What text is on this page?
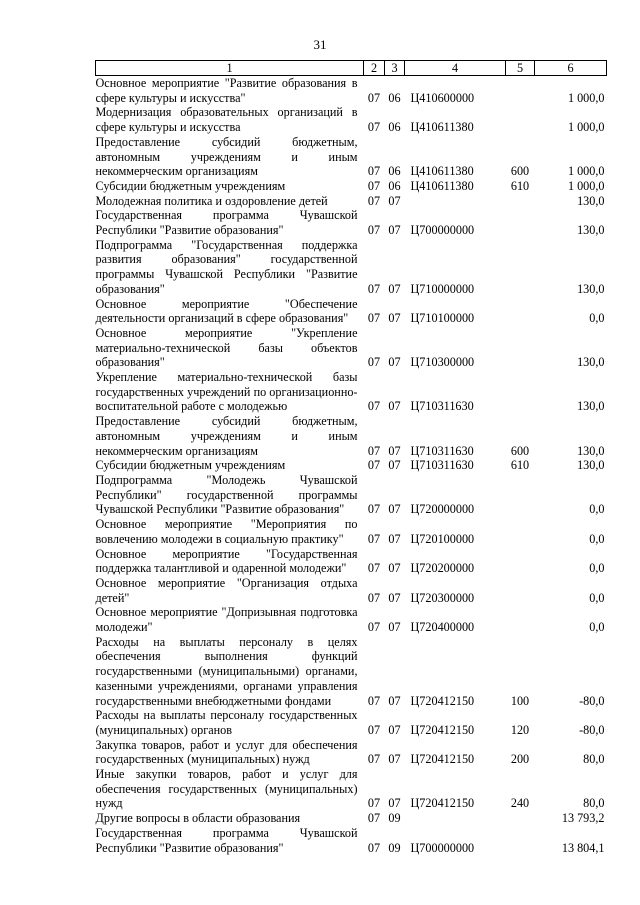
31
1	2	3	4	5	6
Основное мероприятие "Развитие образования в сфере культуры и искусства"	07	06	Ц410600000		1 000,0
Модернизация образовательных организаций в сфере культуры и искусства	07	06	Ц410611380		1 000,0
Предоставление субсидий бюджетным, автономным учреждениям и иным некоммерческим организациям	07	06	Ц410611380	600	1 000,0
Субсидии бюджетным учреждениям	07	06	Ц410611380	610	1 000,0
Молодежная политика и оздоровление детей	07	07			130,0
Государственная программа Чувашской Республики "Развитие образования"	07	07	Ц700000000		130,0
Подпрограмма "Государственная поддержка развития образования" государственной программы Чувашской Республики "Развитие образования"	07	07	Ц710000000		130,0
Основное мероприятие "Обеспечение деятельности организаций в сфере образования"	07	07	Ц710100000		0,0
Основное мероприятие "Укрепление материально-технической базы объектов образования"	07	07	Ц710300000		130,0
Укрепление материально-технической базы государственных учреждений по организационно-воспитательной работе с молодежью	07	07	Ц710311630		130,0
Предоставление субсидий бюджетным, автономным учреждениям и иным некоммерческим организациям	07	07	Ц710311630	600	130,0
Субсидии бюджетным учреждениям	07	07	Ц710311630	610	130,0
Подпрограмма "Молодежь Чувашской Республики" государственной программы Чувашской Республики "Развитие образования"	07	07	Ц720000000		0,0
Основное мероприятие "Мероприятия по вовлечению молодежи в социальную практику"	07	07	Ц720100000		0,0
Основное мероприятие "Государственная поддержка талантливой и одаренной молодежи"	07	07	Ц720200000		0,0
Основное мероприятие "Организация отдыха детей"	07	07	Ц720300000		0,0
Основное мероприятие "Допризывная подготовка молодежи"	07	07	Ц720400000		0,0
Расходы на выплаты персоналу в целях обеспечения выполнения функций государственными (муниципальными) органами, казенными учреждениями, органами управления государственными внебюджетными фондами	07	07	Ц720412150	100	-80,0
Расходы на выплаты персоналу государственных (муниципальных) органов	07	07	Ц720412150	120	-80,0
Закупка товаров, работ и услуг для обеспечения государственных (муниципальных) нужд	07	07	Ц720412150	200	80,0
Иные закупки товаров, работ и услуг для обеспечения государственных (муниципальных) нужд	07	07	Ц720412150	240	80,0
Другие вопросы в области образования	07	09			13 793,2
Государственная программа Чувашской Республики "Развитие образования"	07	09	Ц700000000		13 804,1
